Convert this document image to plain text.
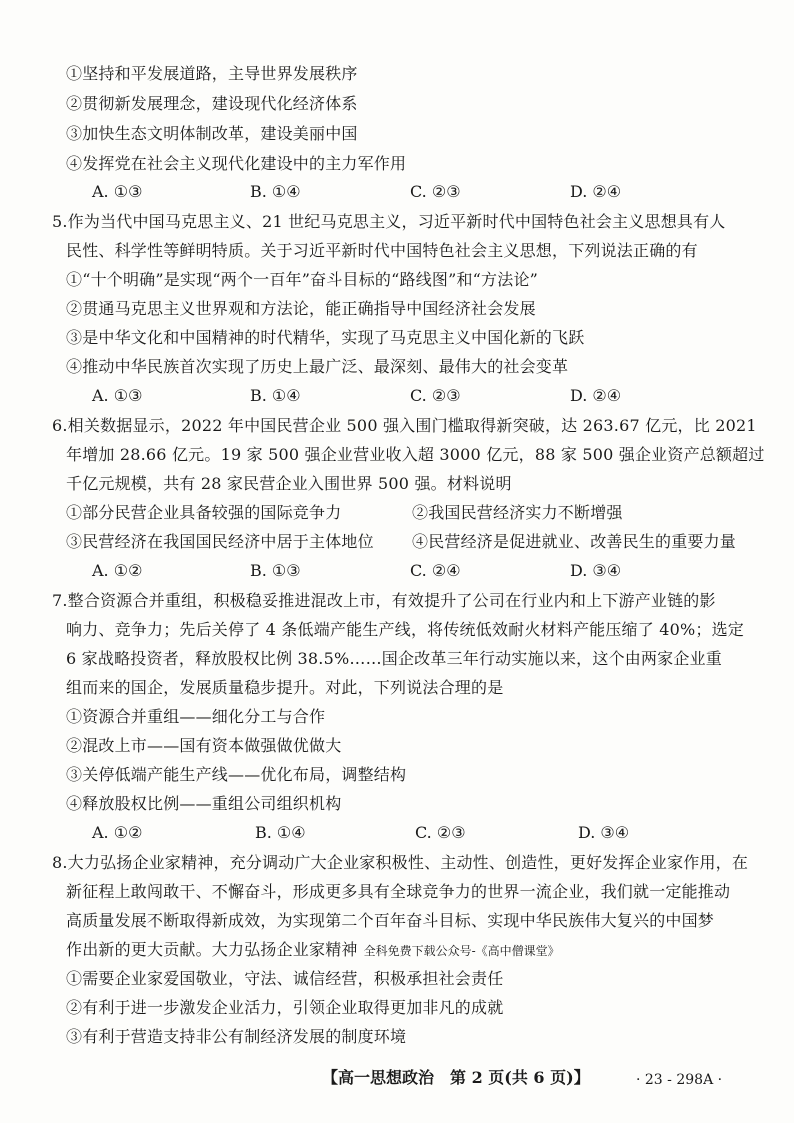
①坚持和平发展道路，主导世界发展秩序
②贯彻新发展理念，建设现代化经济体系
③加快生态文明体制改革，建设美丽中国
④发挥党在社会主义现代化建设中的主力军作用
A. ①③	B. ①④	C. ②③	D. ②④
5.作为当代中国马克思主义、21 世纪马克思主义，习近平新时代中国特色社会主义思想具有人
民性、科学性等鲜明特质。关于习近平新时代中国特色社会主义思想，下列说法正确的有
①“十个明确”是实现“两个一百年”奋斗目标的“路线图”和“方法论”
②贯通马克思主义世界观和方法论，能正确指导中国经济社会发展
③是中华文化和中国精神的时代精华，实现了马克思主义中国化新的飞跃
④推动中华民族首次实现了历史上最广泛、最深刻、最伟大的社会变革
A. ①③	B. ①④	C. ②③	D. ②④
6.相关数据显示，2022 年中国民营企业 500 强入围门槛取得新突破，达 263.67 亿元，比 2021
年增加 28.66 亿元。19 家 500 强企业营业收入超 3000 亿元，88 家 500 强企业资产总额超过
千亿元规模，共有 28 家民营企业入围世界 500 强。材料说明
①部分民营企业具备较强的国际竞争力	②我国民营经济实力不断增强
③民营经济在我国国民经济中居于主体地位 ④民营经济是促进就业、改善民生的重要力量
A. ①②	B. ①③	C. ②④	D. ③④
7.整合资源合并重组，积极稳妥推进混改上市，有效提升了公司在行业内和上下游产业链的影
响力、竞争力；先后关停了 4 条低端产能生产线，将传统低效耐火材料产能压缩了 40%；选定
6 家战略投资者，释放股权比例 38.5%……国企改革三年行动实施以来，这个由两家企业重
组而来的国企，发展质量稳步提升。对此，下列说法合理的是
①资源合并重组——细化分工与合作
②混改上市——国有资本做强做优做大
③关停低端产能生产线——优化布局，调整结构
④释放股权比例——重组公司组织机构
A. ①②	B. ①④	C. ②③	D. ③④
8.大力弘扬企业家精神，充分调动广大企业家积极性、主动性、创造性，更好发挥企业家作用，在
新征程上敢闯敢干、不懈奋斗，形成更多具有全球竞争力的世界一流企业，我们就一定能推动
高质量发展不断取得新成效，为实现第二个百年奋斗目标、实现中华民族伟大复兴的中国梦
作出新的更大贡献。大力弘扬企业家精神 全科免费下载公众号-《高中僧课堂》
①需要企业家爱国敬业，守法、诚信经营，积极承担社会责任
②有利于进一步激发企业活力，引领企业取得更加非凡的成就
③有利于营造支持非公有制经济发展的制度环境
【高一思想政治　第 2 页(共 6 页)】	· 23 - 298A ·
